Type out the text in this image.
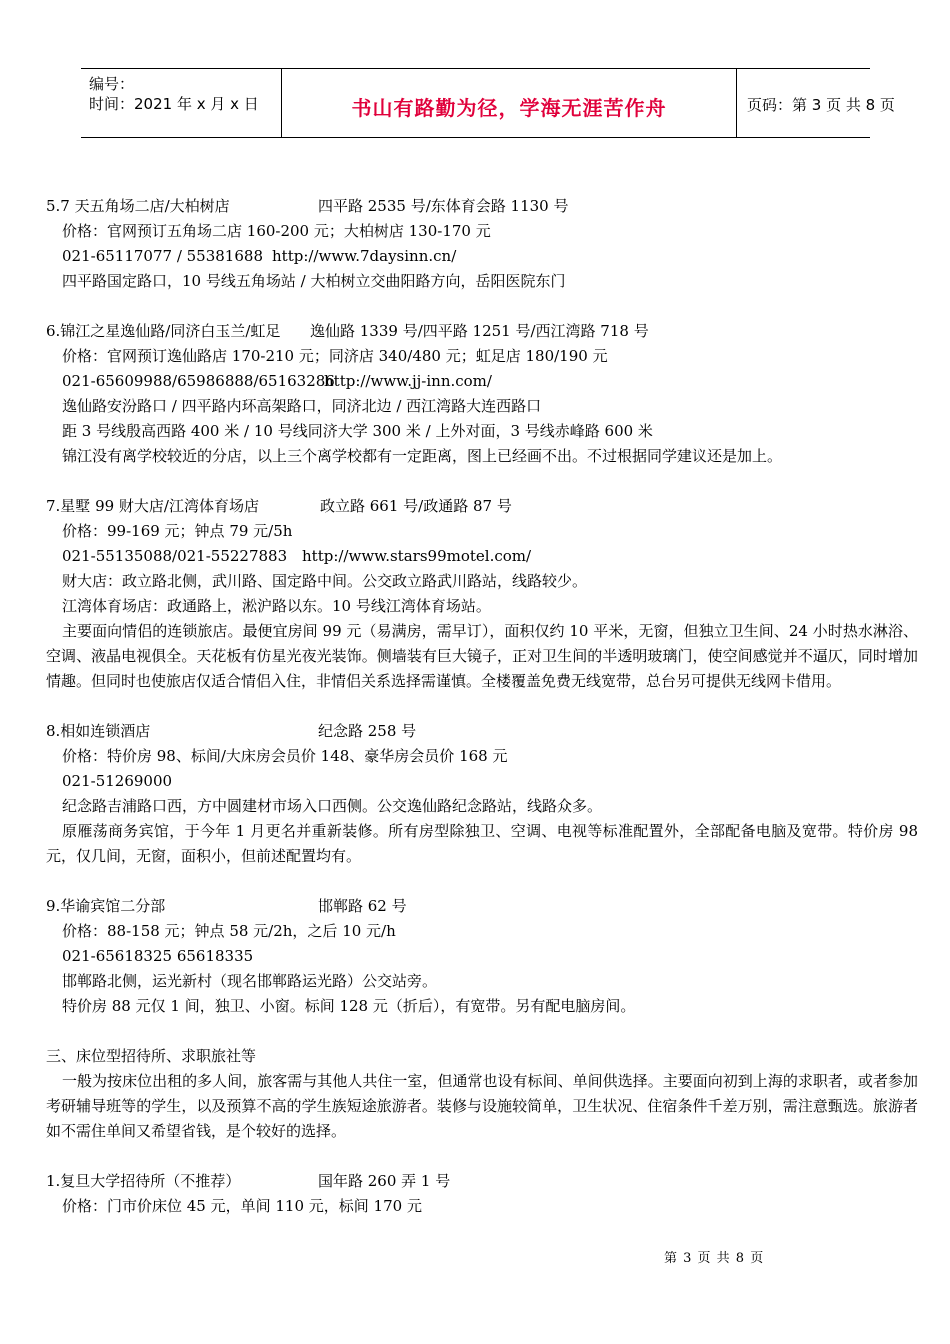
编号：
时间：2021 年 x 月 x 日	书山有路勤为径，学海无涯苦作舟	页码：第 3 页 共 8 页
5.7 天五角场二店/大柏树店	四平路 2535 号/东体育会路 1130 号
价格：官网预订五角场二店 160-200 元；大柏树店 130-170 元
021-65117077 / 55381688 http://www.7daysinn.cn/
四平路国定路口，10 号线五角场站 / 大柏树立交曲阳路方向，岳阳医院东门
6.锦江之星逸仙路/同济白玉兰/虹足 逸仙路 1339 号/四平路 1251 号/西江湾路 718 号
价格：官网预订逸仙路店 170-210 元；同济店 340/480 元；虹足店 180/190 元
021-65609988/65986888/65163286http://www.jj-inn.com/
逸仙路安汾路口 / 四平路内环高架路口，同济北边 / 西江湾路大连西路口
距 3 号线殷高西路 400 米 / 10 号线同济大学 300 米 / 上外对面，3 号线赤峰路 600 米
锦江没有离学校较近的分店，以上三个离学校都有一定距离，图上已经画不出。不过根据同学建议还是加上。
7.星墅 99 财大店/江湾体育场店	政立路 661 号/政通路 87 号
价格：99-169 元；钟点 79 元/5h
021-55135088/021-55227883 http://www.stars99motel.com/
财大店：政立路北侧，武川路、国定路中间。公交政立路武川路站，线路较少。
江湾体育场店：政通路上，淞沪路以东。10 号线江湾体育场站。
主要面向情侣的连锁旅店。最便宜房间 99 元（易满房，需早订），面积仅约 10 平米，无窗，但独立卫生间、24 小时热水淋浴、空调、液晶电视俱全。天花板有仿星光夜光装饰。侧墙装有巨大镜子，正对卫生间的半透明玻璃门，使空间感觉并不逼仄，同时增加情趣。但同时也使旅店仅适合情侣入住，非情侣关系选择需谨慎。全楼覆盖免费无线宽带，总台另可提供无线网卡借用。
8.相如连锁酒店	纪念路 258 号
价格：特价房 98、标间/大床房会员价 148、豪华房会员价 168 元
021-51269000
纪念路吉浦路口西，方中圆建材市场入口西侧。公交逸仙路纪念路站，线路众多。
原雁荡商务宾馆，于今年 1 月更名并重新装修。所有房型除独卫、空调、电视等标准配置外，全部配备电脑及宽带。特价房 98 元，仅几间，无窗，面积小，但前述配置均有。
9.华谕宾馆二分部	邯郸路 62 号
价格：88-158 元；钟点 58 元/2h，之后 10 元/h
021-65618325 65618335
邯郸路北侧，运光新村（现名邯郸路运光路）公交站旁。
特价房 88 元仅 1 间，独卫、小窗。标间 128 元（折后），有宽带。另有配电脑房间。
三、床位型招待所、求职旅社等
一般为按床位出租的多人间，旅客需与其他人共住一室，但通常也设有标间、单间供选择。主要面向初到上海的求职者，或者参加考研辅导班等的学生，以及预算不高的学生族短途旅游者。装修与设施较简单，卫生状况、住宿条件千差万别，需注意甄选。旅游者如不需住单间又希望省钱，是个较好的选择。
1.复旦大学招待所（不推荐）	国年路 260 弄 1 号
价格：门市价床位 45 元，单间 110 元，标间 170 元
第 3 页 共 8 页
